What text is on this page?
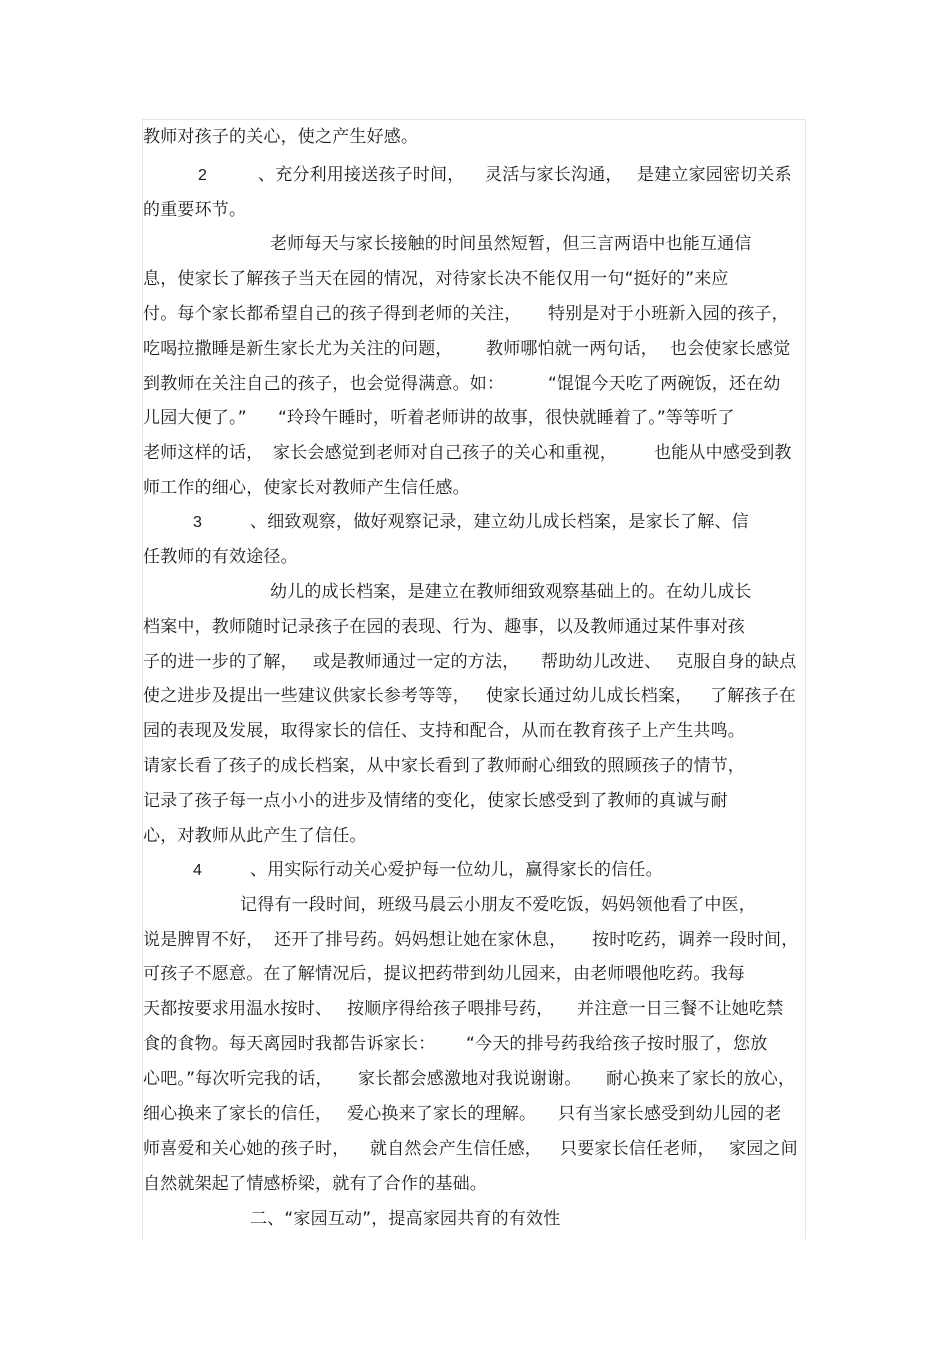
教师对孩子的关心，使之产生好感。
2	、充分利用接送孩子时间， 灵活与家长沟通， 是建立家园密切关系
的重要环节。
老师每天与家长接触的时间虽然短暂，但三言两语中也能互通信
息，使家长了解孩子当天在园的情况，对待家长决不能仅用一句“挺好的”来应
付。每个家长都希望自己的孩子得到老师的关注， 特别是对于小班新入园的孩子，
吃喝拉撒睡是新生家长尤为关注的问题， 教师哪怕就一两句话， 也会使家长感觉
到教师在关注自己的孩子，也会觉得满意。如：	“馄馄今天吃了两碗饭，还在幼
儿园大便了。” “玲玲午睡时，听着老师讲的故事，很快就睡着了。”等等听了
老师这样的话， 家长会感觉到老师对自己孩子的关心和重视， 也能从中感受到教
师工作的细心，使家长对教师产生信任感。
3	、细致观察，做好观察记录，建立幼儿成长档案，是家长了解、信
任教师的有效途径。
幼儿的成长档案，是建立在教师细致观察基础上的。在幼儿成长
档案中，教师随时记录孩子在园的表现、行为、趣事，以及教师通过某件事对孩
子的进一步的了解， 或是教师通过一定的方法， 帮助幼儿改进、 克服自身的缺点
使之进步及提出一些建议供家长参考等等， 使家长通过幼儿成长档案， 了解孩子在
园的表现及发展，取得家长的信任、支持和配合，从而在教育孩子上产生共鸣。
请家长看了孩子的成长档案，从中家长看到了教师耐心细致的照顾孩子的情节，
记录了孩子每一点小小的进步及情绪的变化，使家长感受到了教师的真诚与耐
心，对教师从此产生了信任。
4	、用实际行动关心爱护每一位幼儿，赢得家长的信任。
记得有一段时间，班级马晨云小朋友不爱吃饭，妈妈领他看了中医，
说是脾胃不好， 还开了排号药。妈妈想让她在家休息， 按时吃药，调养一段时间，
可孩子不愿意。在了解情况后，提议把药带到幼儿园来，由老师喂他吃药。我每
天都按要求用温水按时、 按顺序得给孩子喂排号药， 并注意一日三餐不让她吃禁
食的食物。每天离园时我都告诉家长： “今天的排号药我给孩子按时服了，您放
心吧。”每次听完我的话， 家长都会感激地对我说谢谢。 耐心换来了家长的放心，
细心换来了家长的信任， 爱心换来了家长的理解。 只有当家长感受到幼儿园的老
师喜爱和关心她的孩子时， 就自然会产生信任感， 只要家长信任老师， 家园之间
自然就架起了情感桥梁，就有了合作的基础。
二、“家园互动”，提高家园共育的有效性
